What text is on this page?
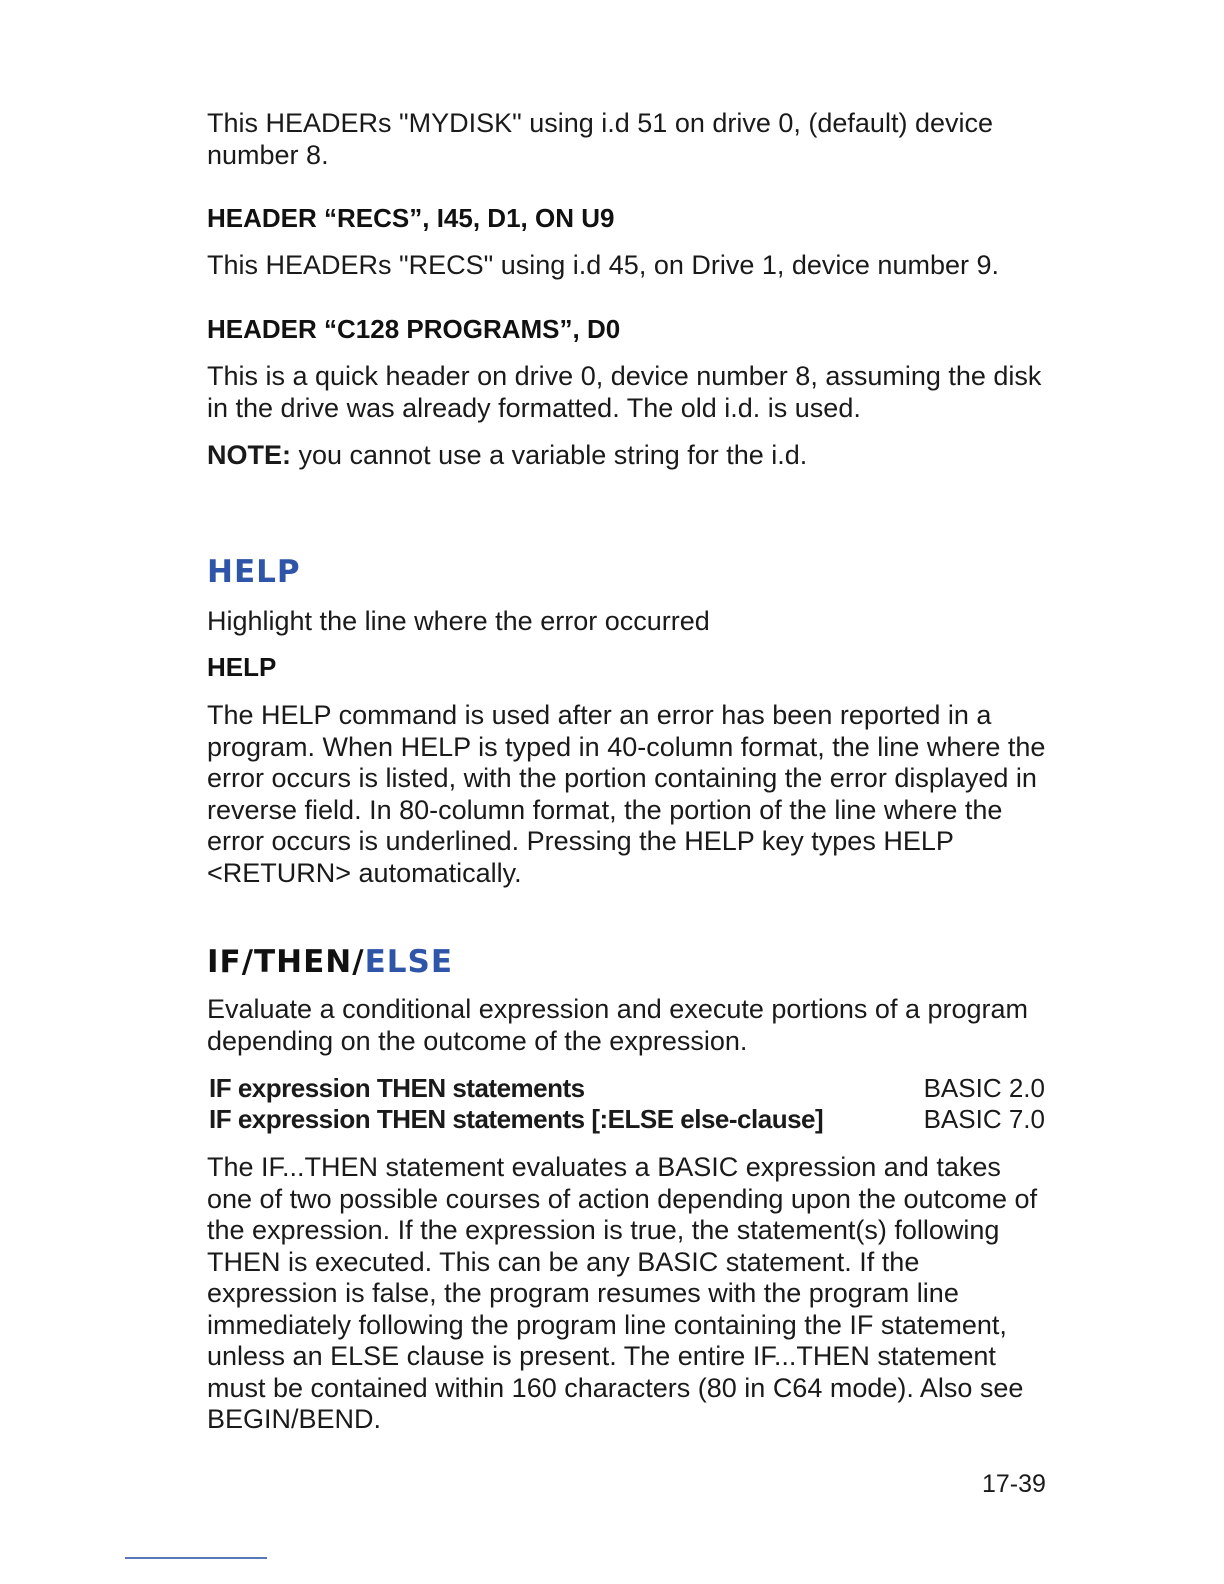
This HEADERs "MYDISK" using i.d 51 on drive 0, (default) device number 8.

HEADER “RECS”, I45, D1, ON U9

This HEADERs "RECS" using i.d 45, on Drive 1, device number 9.

HEADER “C128 PROGRAMS”, D0

This is a quick header on drive 0, device number 8, assuming the disk in the drive was already formatted. The old i.d. is used.

NOTE: you cannot use a variable string for the i.d.

HELP

Highlight the line where the error occurred

HELP

The HELP command is used after an error has been reported in a program. When HELP is typed in 40-column format, the line where the error occurs is listed, with the portion containing the error displayed in reverse field. In 80-column format, the portion of the line where the error occurs is underlined. Pressing the HELP key types HELP <RETURN> automatically.

IF/THEN/ELSE

Evaluate a conditional expression and execute portions of a program depending on the outcome of the expression.

IF expression THEN statements	BASIC 2.0
IF expression THEN statements [:ELSE else-clause]	BASIC 7.0

The IF...THEN statement evaluates a BASIC expression and takes one of two possible courses of action depending upon the outcome of the expression. If the expression is true, the statement(s) following THEN is executed. This can be any BASIC statement. If the expression is false, the program resumes with the program line immediately following the program line containing the IF statement, unless an ELSE clause is present. The entire IF...THEN statement must be contained within 160 characters (80 in C64 mode). Also see BEGIN/BEND.

17-39
